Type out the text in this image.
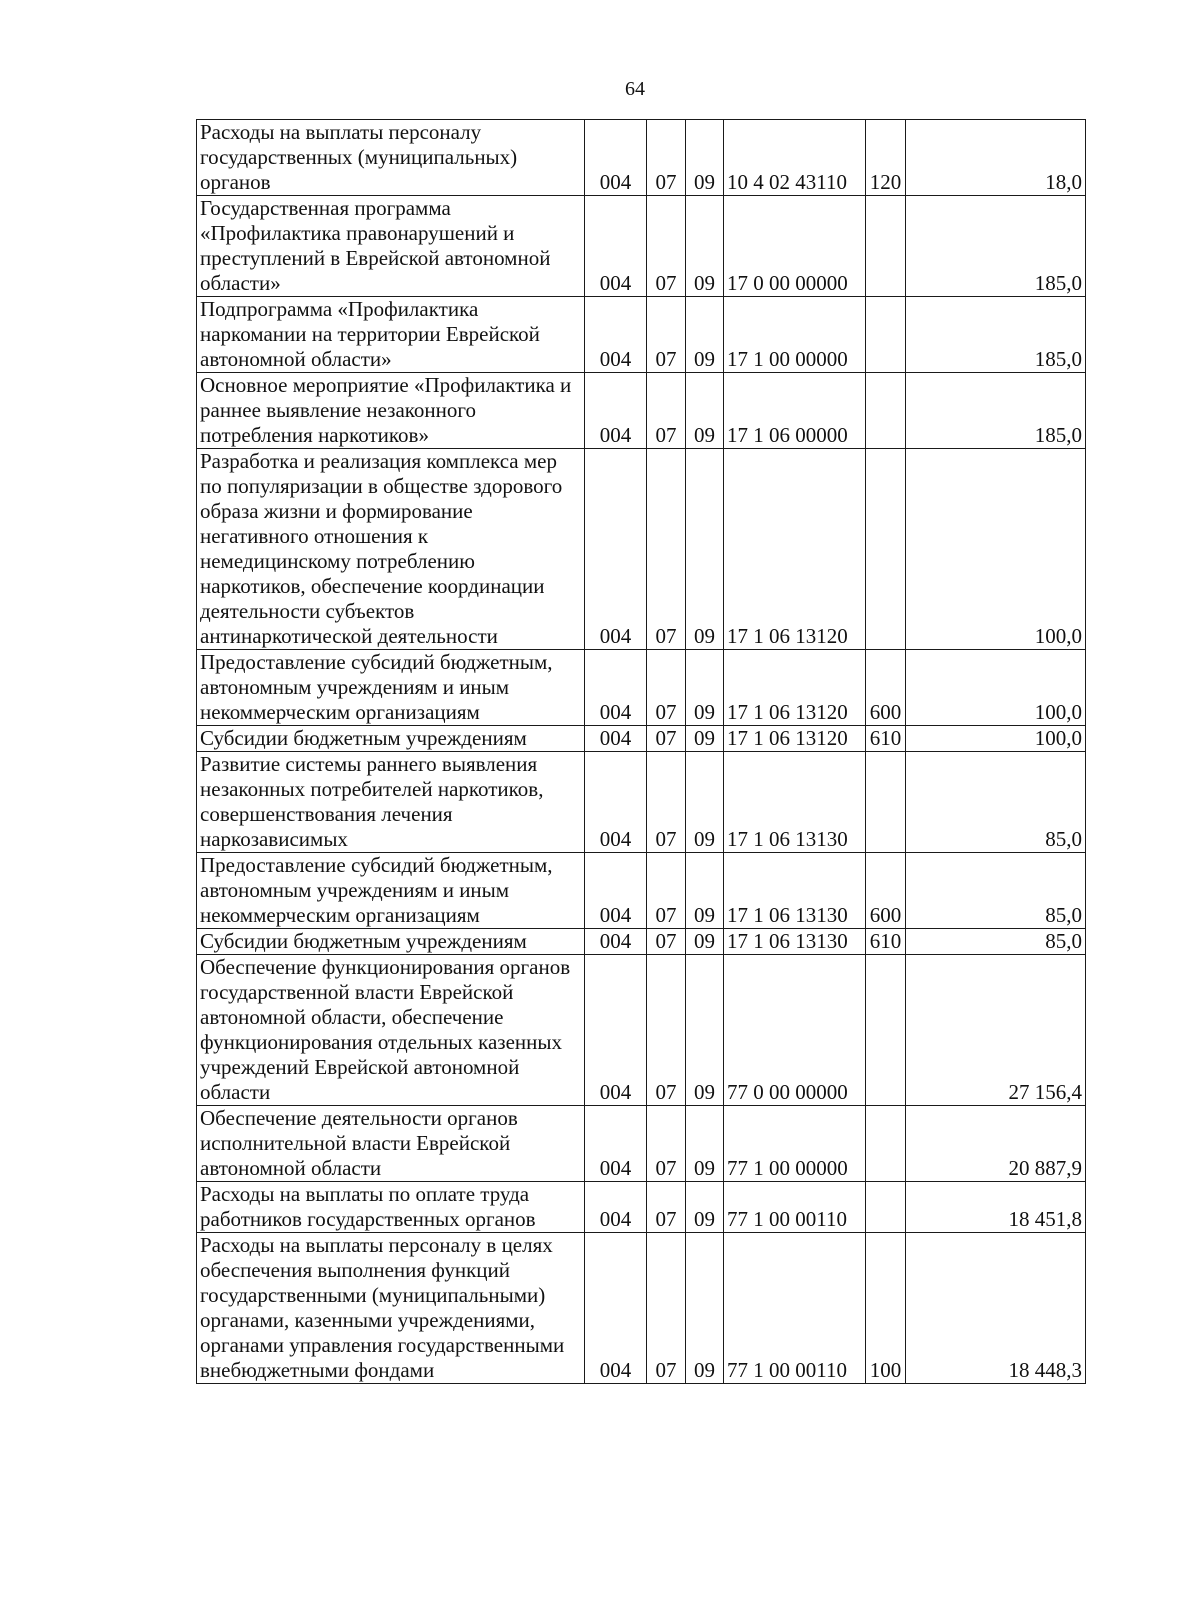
64
Расходы на выплаты персоналу государственных (муниципальных) органов	004	07	09	10 4 02 43110	120	18,0
Государственная программа «Профилактика правонарушений и преступлений в Еврейской автономной области»	004	07	09	17 0 00 00000		185,0
Подпрограмма «Профилактика наркомании на территории Еврейской автономной области»	004	07	09	17 1 00 00000		185,0
Основное мероприятие «Профилактика и раннее выявление незаконного потребления наркотиков»	004	07	09	17 1 06 00000		185,0
Разработка и реализация комплекса мер по популяризации в обществе здорового образа жизни и формирование негативного отношения к немедицинскому потреблению наркотиков, обеспечение координации деятельности субъектов антинаркотической деятельности	004	07	09	17 1 06 13120		100,0
Предоставление субсидий бюджетным, автономным учреждениям и иным некоммерческим организациям	004	07	09	17 1 06 13120	600	100,0
Субсидии бюджетным учреждениям	004	07	09	17 1 06 13120	610	100,0
Развитие системы раннего выявления незаконных потребителей наркотиков, совершенствования лечения наркозависимых	004	07	09	17 1 06 13130		85,0
Предоставление субсидий бюджетным, автономным учреждениям и иным некоммерческим организациям	004	07	09	17 1 06 13130	600	85,0
Субсидии бюджетным учреждениям	004	07	09	17 1 06 13130	610	85,0
Обеспечение функционирования органов государственной власти Еврейской автономной области, обеспечение функционирования отдельных казенных учреждений Еврейской автономной области	004	07	09	77 0 00 00000		27 156,4
Обеспечение деятельности органов исполнительной власти Еврейской автономной области	004	07	09	77 1 00 00000		20 887,9
Расходы на выплаты по оплате труда работников государственных органов	004	07	09	77 1 00 00110		18 451,8
Расходы на выплаты персоналу в целях обеспечения выполнения функций государственными (муниципальными) органами, казенными учреждениями, органами управления государственными внебюджетными фондами	004	07	09	77 1 00 00110	100	18 448,3
